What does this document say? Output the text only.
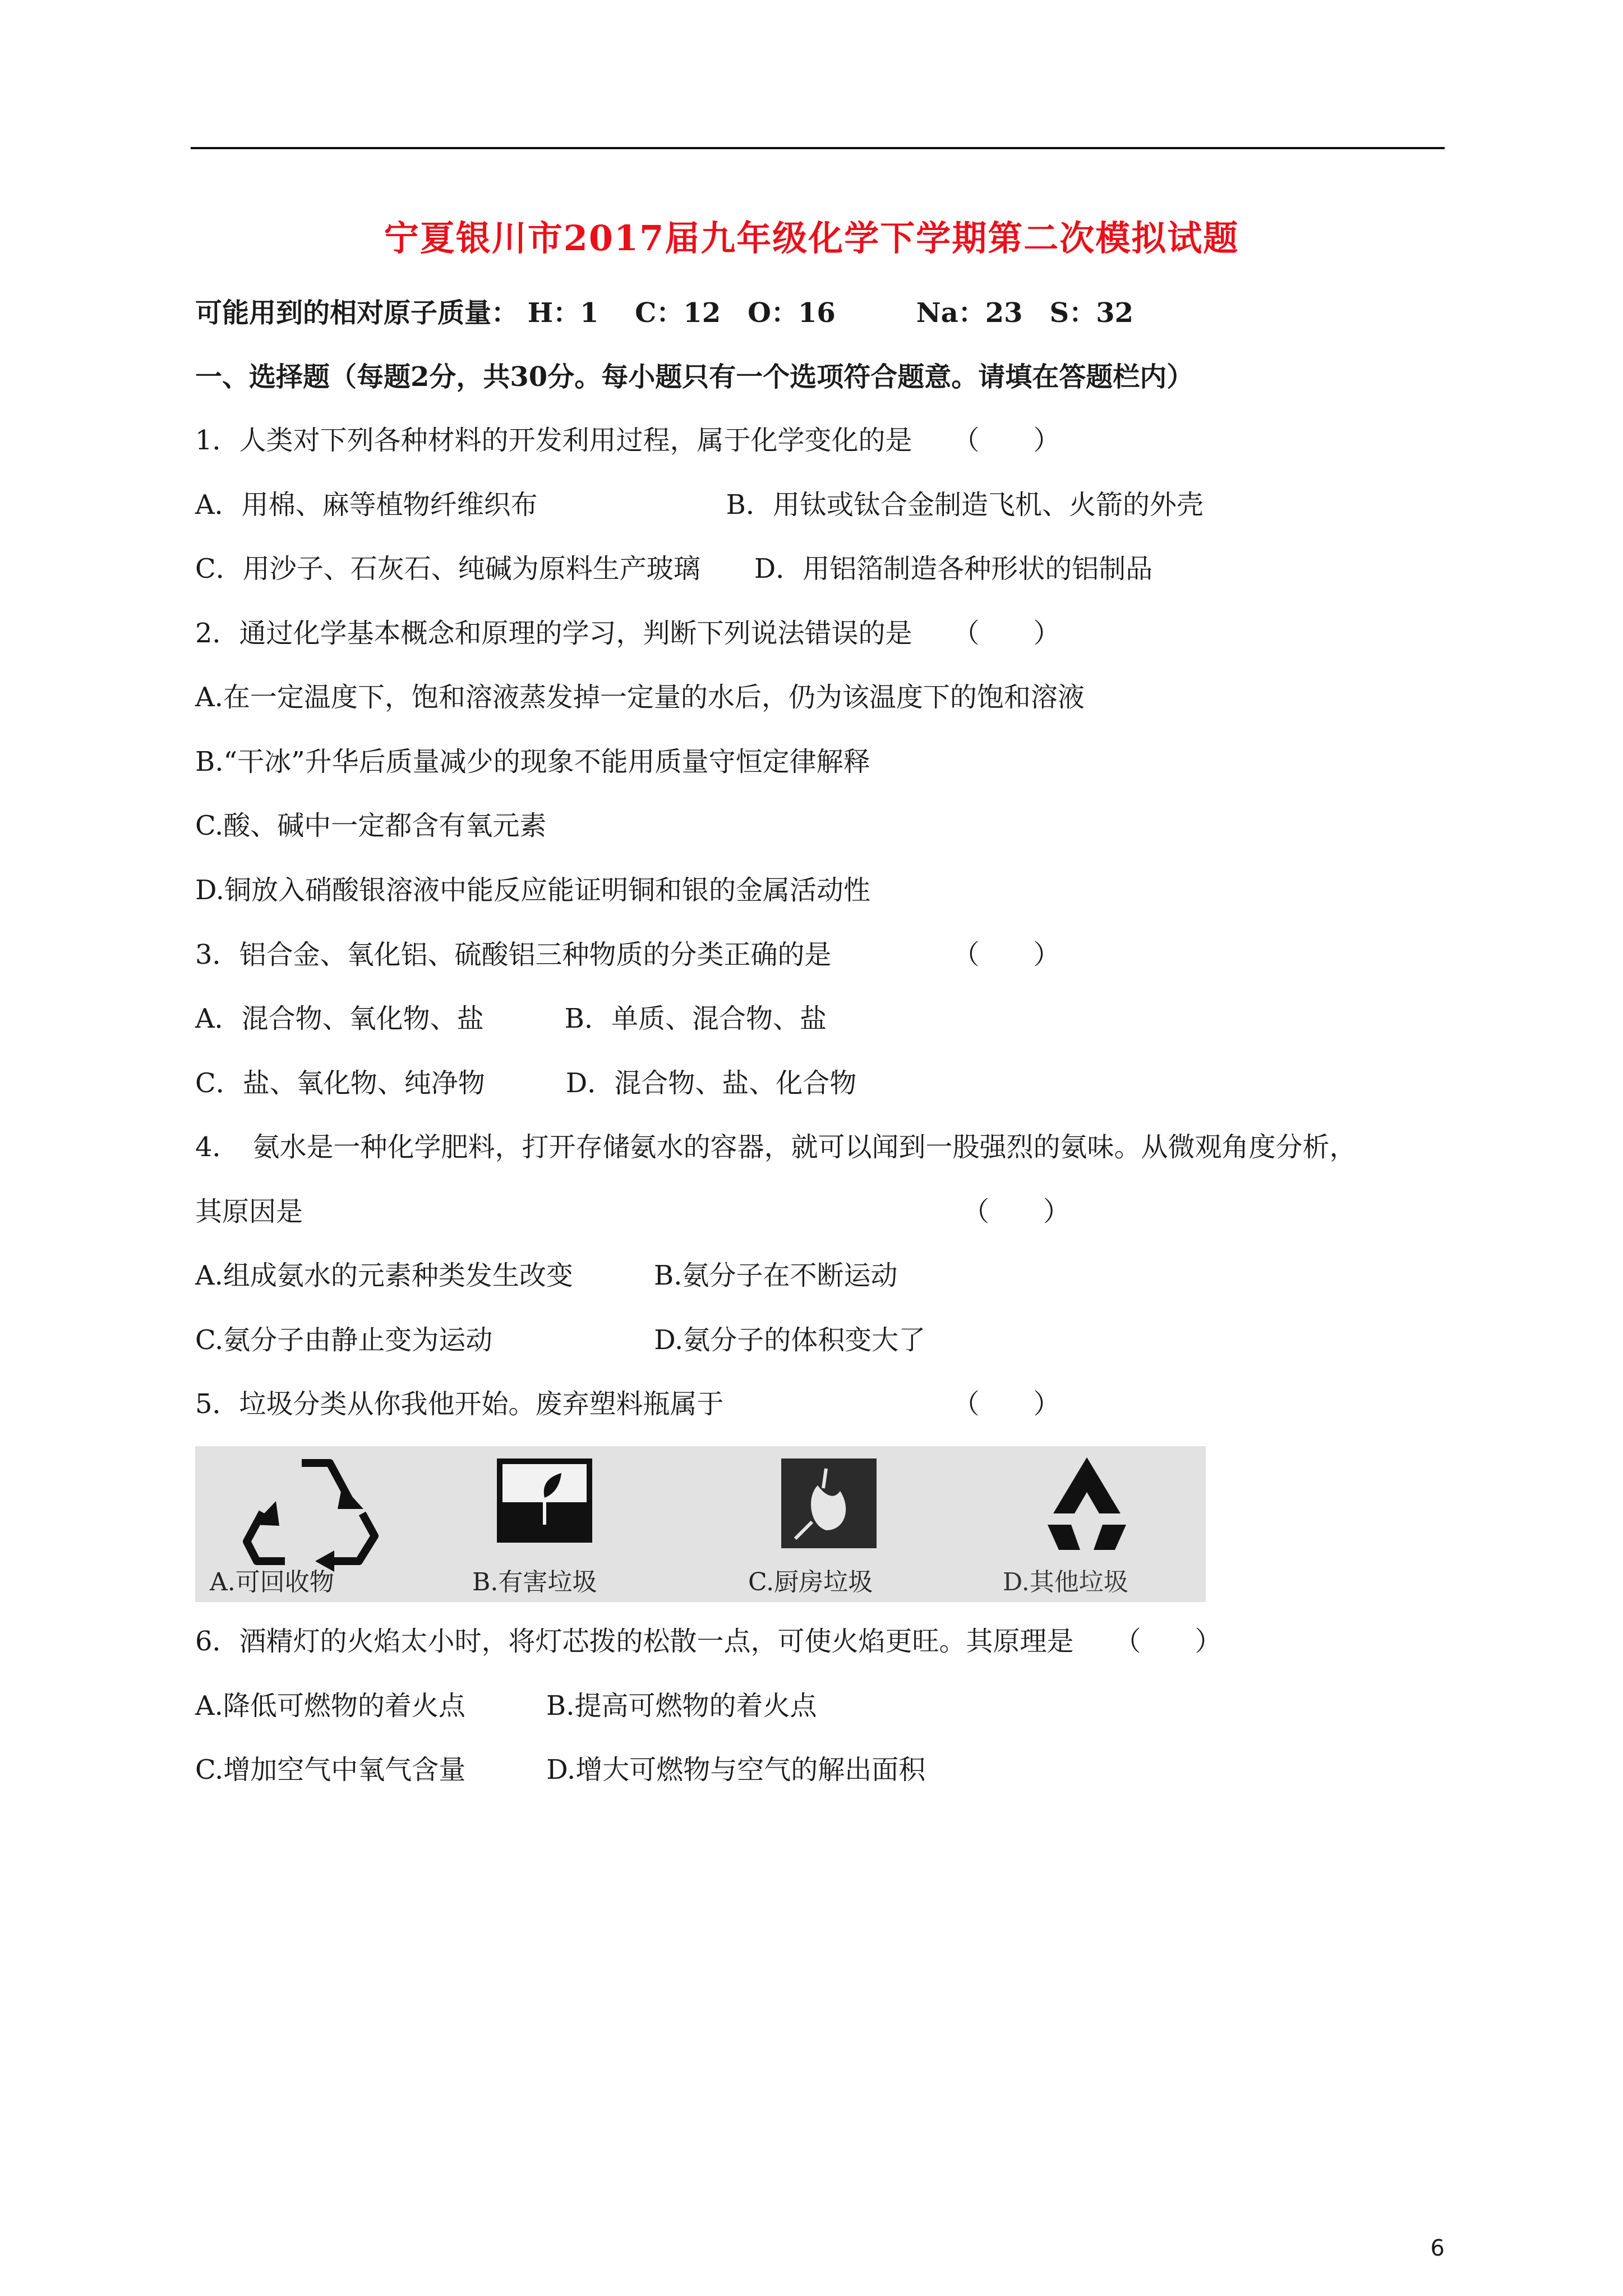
宁夏银川市2017届九年级化学下学期第二次模拟试题
可能用到的相对原子质量： H：1　 C：12　O：16　　　Na：23　S：32
一、选择题（每题2分，共30分。每小题只有一个选项符合题意。请填在答题栏内）
1．人类对下列各种材料的开发利用过程，属于化学变化的是　　（　　）
A．用棉、麻等植物纤维织布　　　　　　　B．用钛或钛合金制造飞机、火箭的外壳
C．用沙子、石灰石、纯碱为原料生产玻璃　　D．用铝箔制造各种形状的铝制品
2．通过化学基本概念和原理的学习，判断下列说法错误的是　　（　　）
A.在一定温度下，饱和溶液蒸发掉一定量的水后，仍为该温度下的饱和溶液
B.“干冰”升华后质量减少的现象不能用质量守恒定律解释
C.酸、碱中一定都含有氧元素
D.铜放入硝酸银溶液中能反应能证明铜和银的金属活动性
3．铝合金、氧化铝、硫酸铝三种物质的分类正确的是　　　　　（　　）
A．混合物、氧化物、盐　　　B．单质、混合物、盐
C．盐、氧化物、纯净物　　　D．混合物、盐、化合物
4．　氨水是一种化学肥料，打开存储氨水的容器，就可以闻到一股强烈的氨味。从微观角度分析，
其原因是　　　　　　　　　　　　　　　　　　　　　　　　　（　　）
A.组成氨水的元素种类发生改变　　　B.氨分子在不断运动
C.氨分子由静止变为运动　　　　　　D.氨分子的体积变大了
5．垃圾分类从你我他开始。废弃塑料瓶属于　　　　　　　　　（　　）
A.可回收物	B.有害垃圾	C.厨房垃圾	D.其他垃圾
6．酒精灯的火焰太小时，将灯芯拨的松散一点，可使火焰更旺。其原理是　　（　　）
A.降低可燃物的着火点　　　B.提高可燃物的着火点
C.增加空气中氧气含量　　　D.增大可燃物与空气的解出面积
6
